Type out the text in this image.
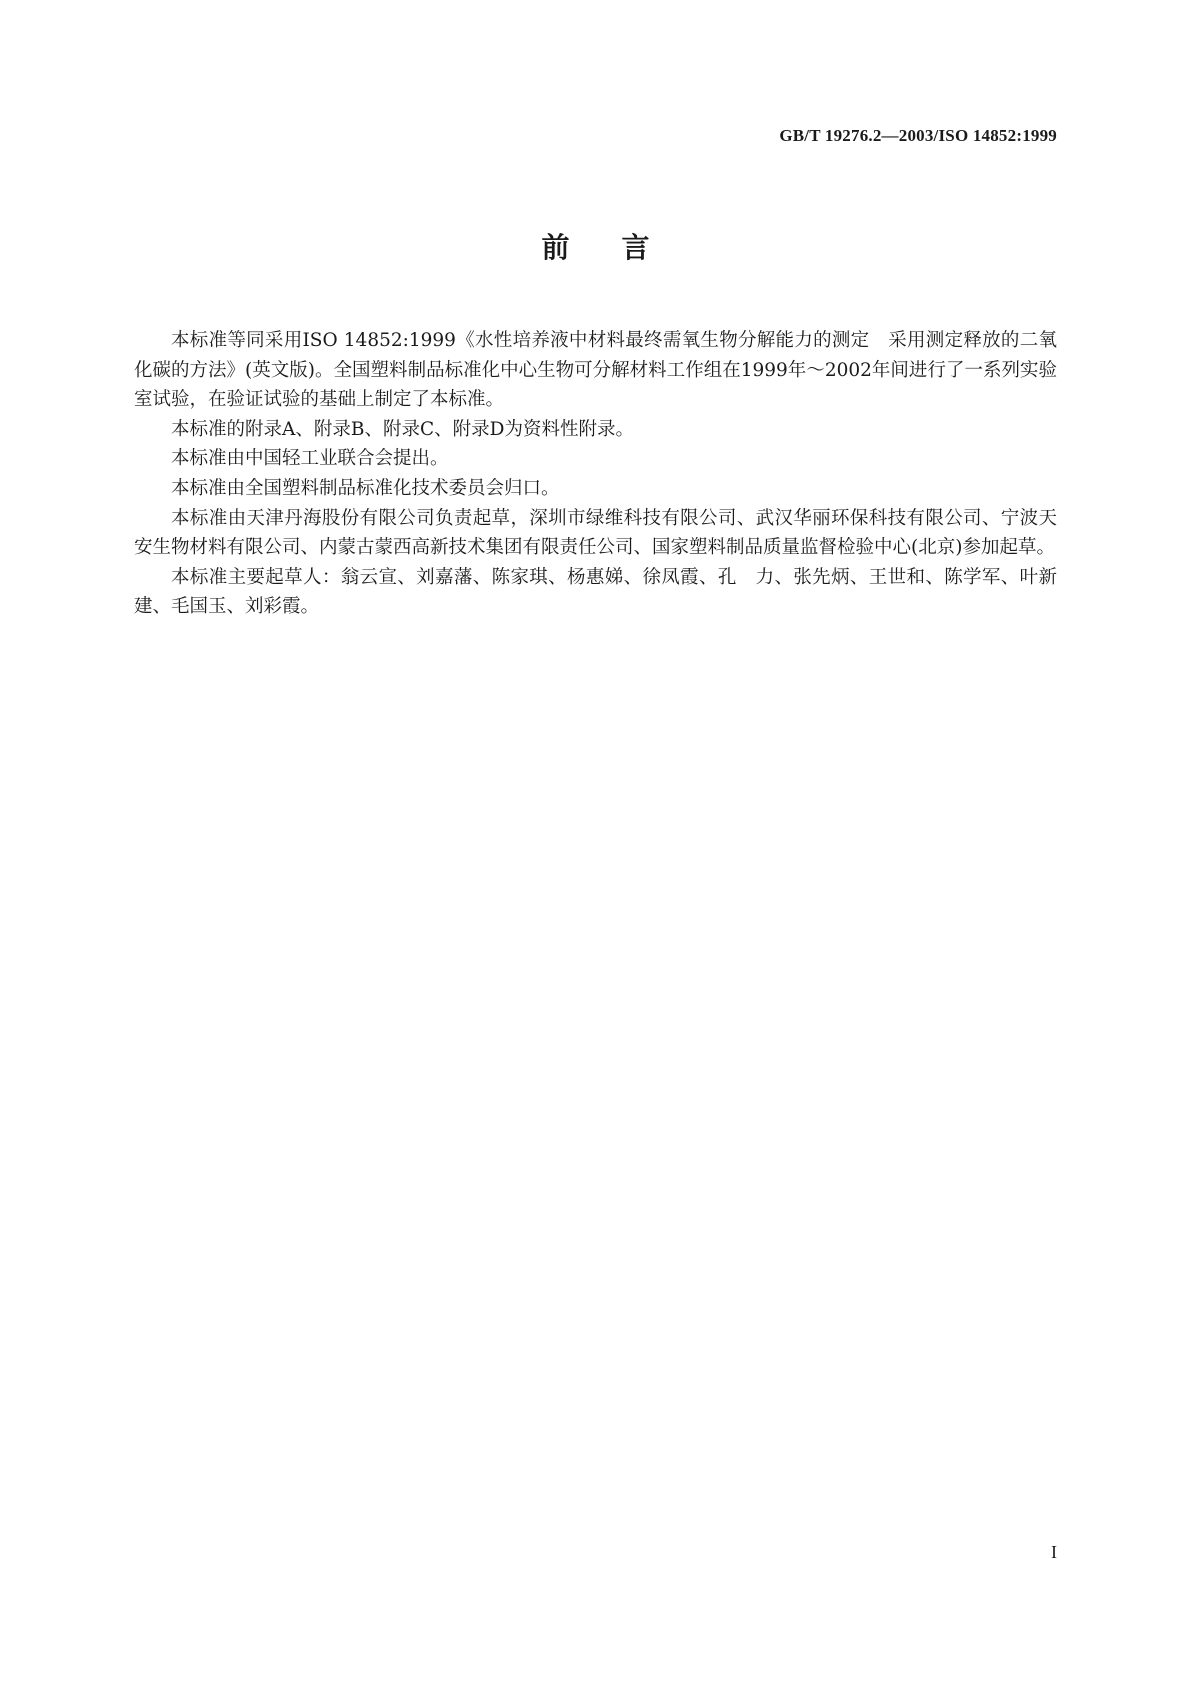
GB/T 19276.2—2003/ISO 14852:1999
前言

本标准等同采用ISO 14852:1999《水性培养液中材料最终需氧生物分解能力的测定　采用测定释放的二氧化碳的方法》(英文版)。全国塑料制品标准化中心生物可分解材料工作组在1999年～2002年间进行了一系列实验室试验，在验证试验的基础上制定了本标准。

本标准的附录A、附录B、附录C、附录D为资料性附录。

本标准由中国轻工业联合会提出。

本标准由全国塑料制品标准化技术委员会归口。

本标准由天津丹海股份有限公司负责起草，深圳市绿维科技有限公司、武汉华丽环保科技有限公司、宁波天安生物材料有限公司、内蒙古蒙西高新技术集团有限责任公司、国家塑料制品质量监督检验中心(北京)参加起草。

本标准主要起草人：翁云宣、刘嘉藩、陈家琪、杨惠娣、徐凤霞、孔　力、张先炳、王世和、陈学军、叶新建、毛国玉、刘彩霞。

I
